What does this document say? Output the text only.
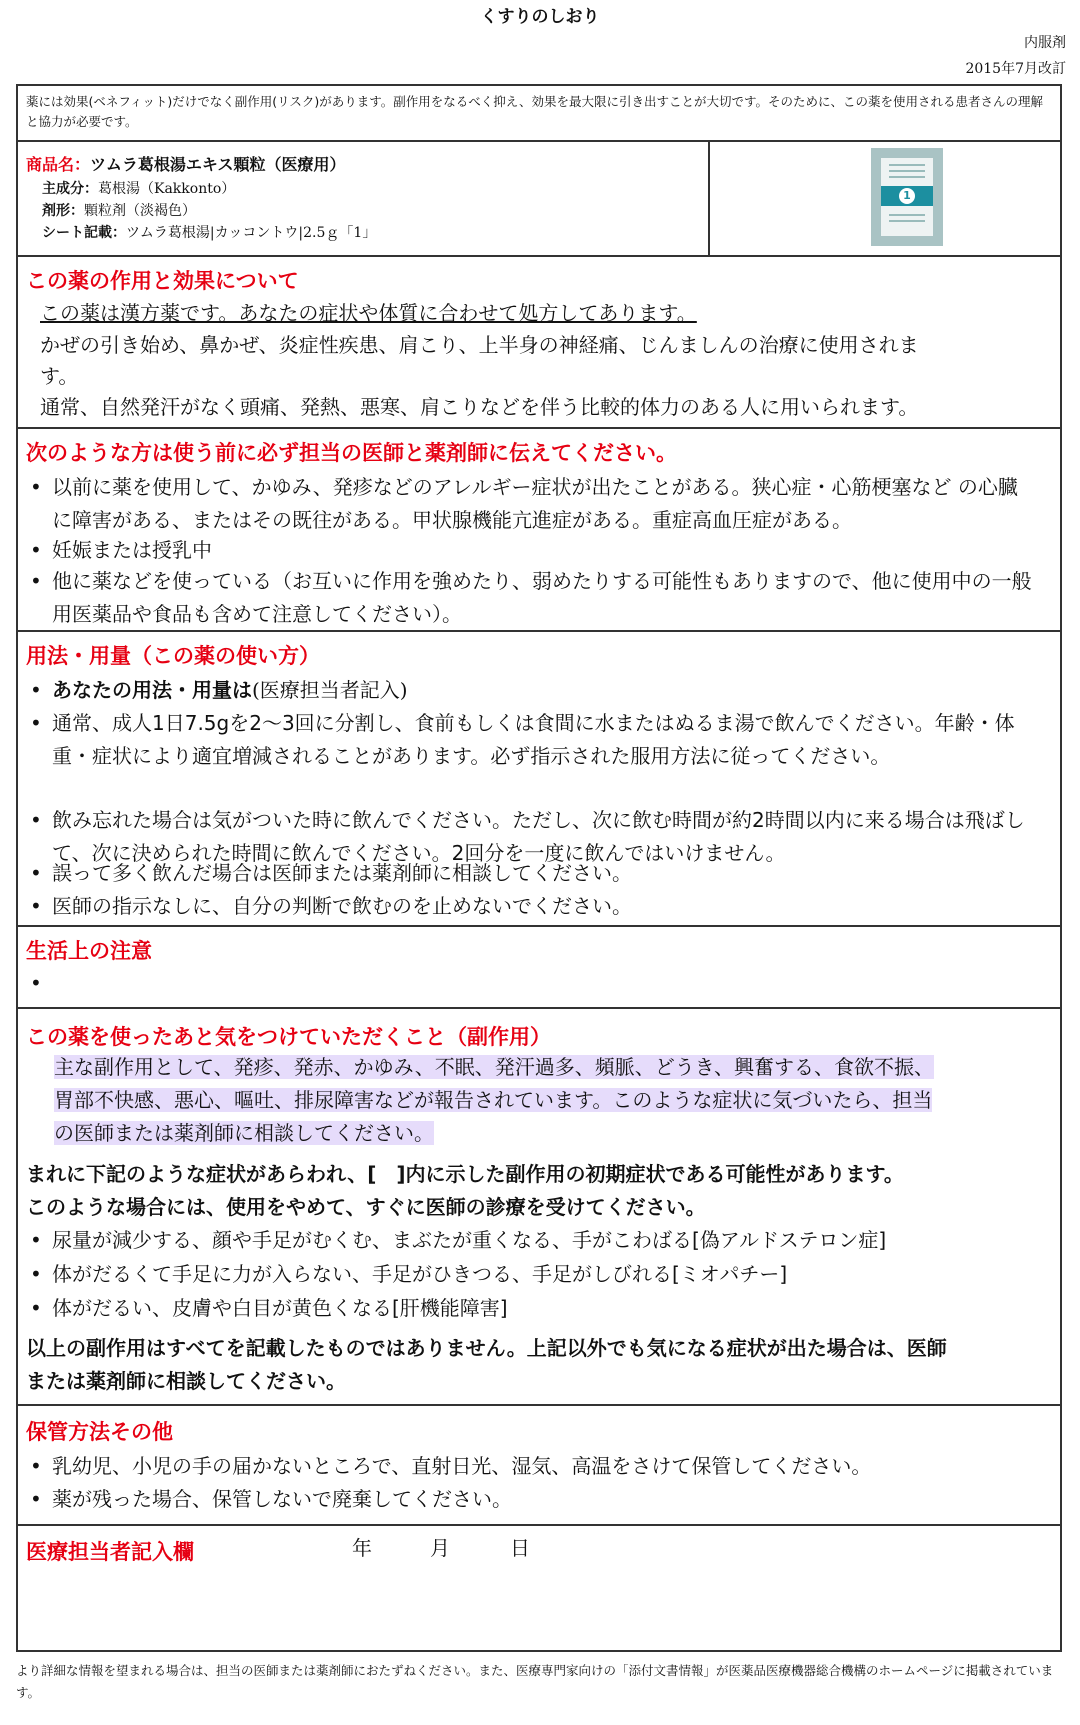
くすりのしおり
内服剤
2015年7月改訂
薬には効果(ベネフィット)だけでなく副作用(リスク)があります。副作用をなるべく抑え、効果を最大限に引き出すことが大切です。そのために、この薬を使用される患者さんの理解と協力が必要です。
商品名：ツムラ葛根湯エキス顆粒（医療用）
主成分：葛根湯（Kakkonto）
剤形：顆粒剤（淡褐色）
シート記載：ツムラ葛根湯|カッコントウ|2.5ｇ「1」
この薬の作用と効果について
この薬は漢方薬です。あなたの症状や体質に合わせて処方してあります。
かぜの引き始め、鼻かぜ、炎症性疾患、肩こり、上半身の神経痛、じんましんの治療に使用されま
す。
通常、自然発汗がなく頭痛、発熱、悪寒、肩こりなどを伴う比較的体力のある人に用いられます。
次のような方は使う前に必ず担当の医師と薬剤師に伝えてください。
• 以前に薬を使用して、かゆみ、発疹などのアレルギー症状が出たことがある。狭心症・心筋梗塞など の心臓に障害がある、またはその既往がある。甲状腺機能亢進症がある。重症高血圧症がある。
• 妊娠または授乳中
• 他に薬などを使っている（お互いに作用を強めたり、弱めたりする可能性もありますので、他に使用中の一般用医薬品や食品も含めて注意してください）。
用法・用量（この薬の使い方）
• あなたの用法・用量は(医療担当者記入)
• 通常、成人1日7.5gを2〜3回に分割し、食前もしくは食間に水またはぬるま湯で飲んでください。年齢・体重・症状により適宜増減されることがあります。必ず指示された服用方法に従ってください。
• 飲み忘れた場合は気がついた時に飲んでください。ただし、次に飲む時間が約2時間以内に来る場合は飛ばして、次に決められた時間に飲んでください。2回分を一度に飲んではいけません。
• 誤って多く飲んだ場合は医師または薬剤師に相談してください。
• 医師の指示なしに、自分の判断で飲むのを止めないでください。
生活上の注意
•
この薬を使ったあと気をつけていただくこと（副作用）
主な副作用として、発疹、発赤、かゆみ、不眠、発汗過多、頻脈、どうき、興奮する、食欲不振、
胃部不快感、悪心、嘔吐、排尿障害などが報告されています。このような症状に気づいたら、担当
の医師または薬剤師に相談してください。
まれに下記のような症状があらわれ、[　]内に示した副作用の初期症状である可能性があります。
このような場合には、使用をやめて、すぐに医師の診療を受けてください。
• 尿量が減少する、顔や手足がむくむ、まぶたが重くなる、手がこわばる[偽アルドステロン症]
• 体がだるくて手足に力が入らない、手足がひきつる、手足がしびれる[ミオパチー]
• 体がだるい、皮膚や白目が黄色くなる[肝機能障害]
以上の副作用はすべてを記載したものではありません。上記以外でも気になる症状が出た場合は、医師
または薬剤師に相談してください。
保管方法その他
• 乳幼児、小児の手の届かないところで、直射日光、湿気、高温をさけて保管してください。
• 薬が残った場合、保管しないで廃棄してください。
医療担当者記入欄	年	月	日
1
より詳細な情報を望まれる場合は、担当の医師または薬剤師におたずねください。また、医療専門家向けの「添付文書情報」が医薬品医療機器総合機構のホームページに掲載されています。
